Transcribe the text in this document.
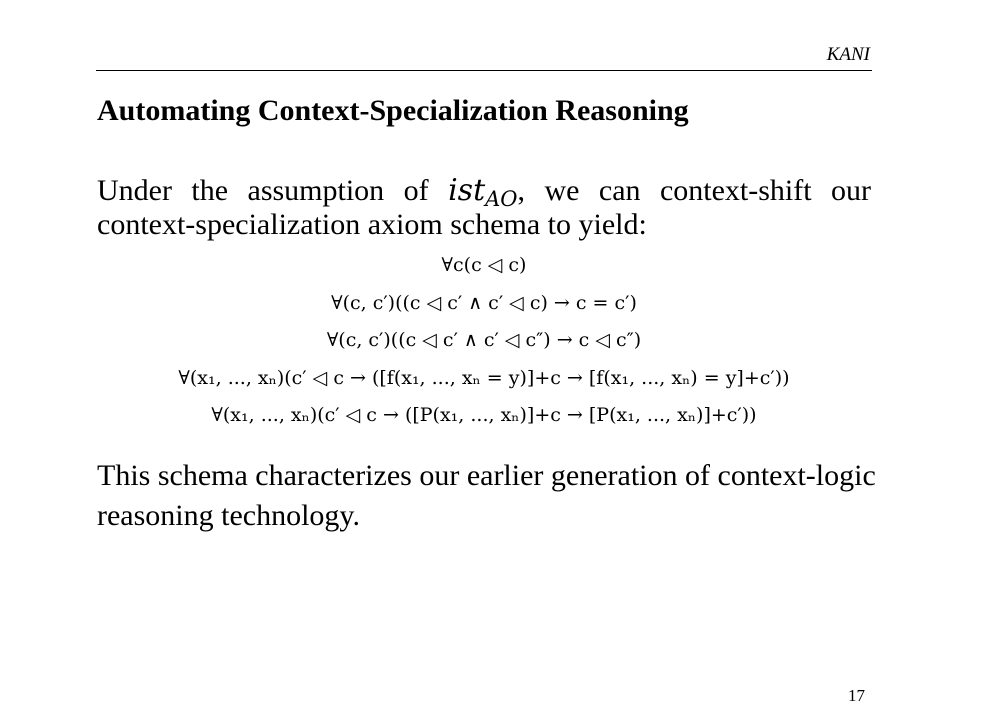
KANI
Automating Context-Specialization Reasoning

Under the assumption of ist$_{AO}$, we can context-shift our
context-specialization axiom schema to yield:

∀c(c ◁ c)
∀(c, c′)((c ◁ c′ ∧ c′ ◁ c) → c = c′)
∀(c, c′)((c ◁ c′ ∧ c′ ◁ c″) → c ◁ c″)
∀(x₁, ..., xₙ)(c′ ◁ c → ([f(x₁, ..., xₙ = y)]+c → [f(x₁, ..., xₙ) = y]+c′))
∀(x₁, ..., xₙ)(c′ ◁ c → ([P(x₁, ..., xₙ)]+c → [P(x₁, ..., xₙ)]+c′))

This schema characterizes our earlier generation of context-logic reasoning technology.

17
